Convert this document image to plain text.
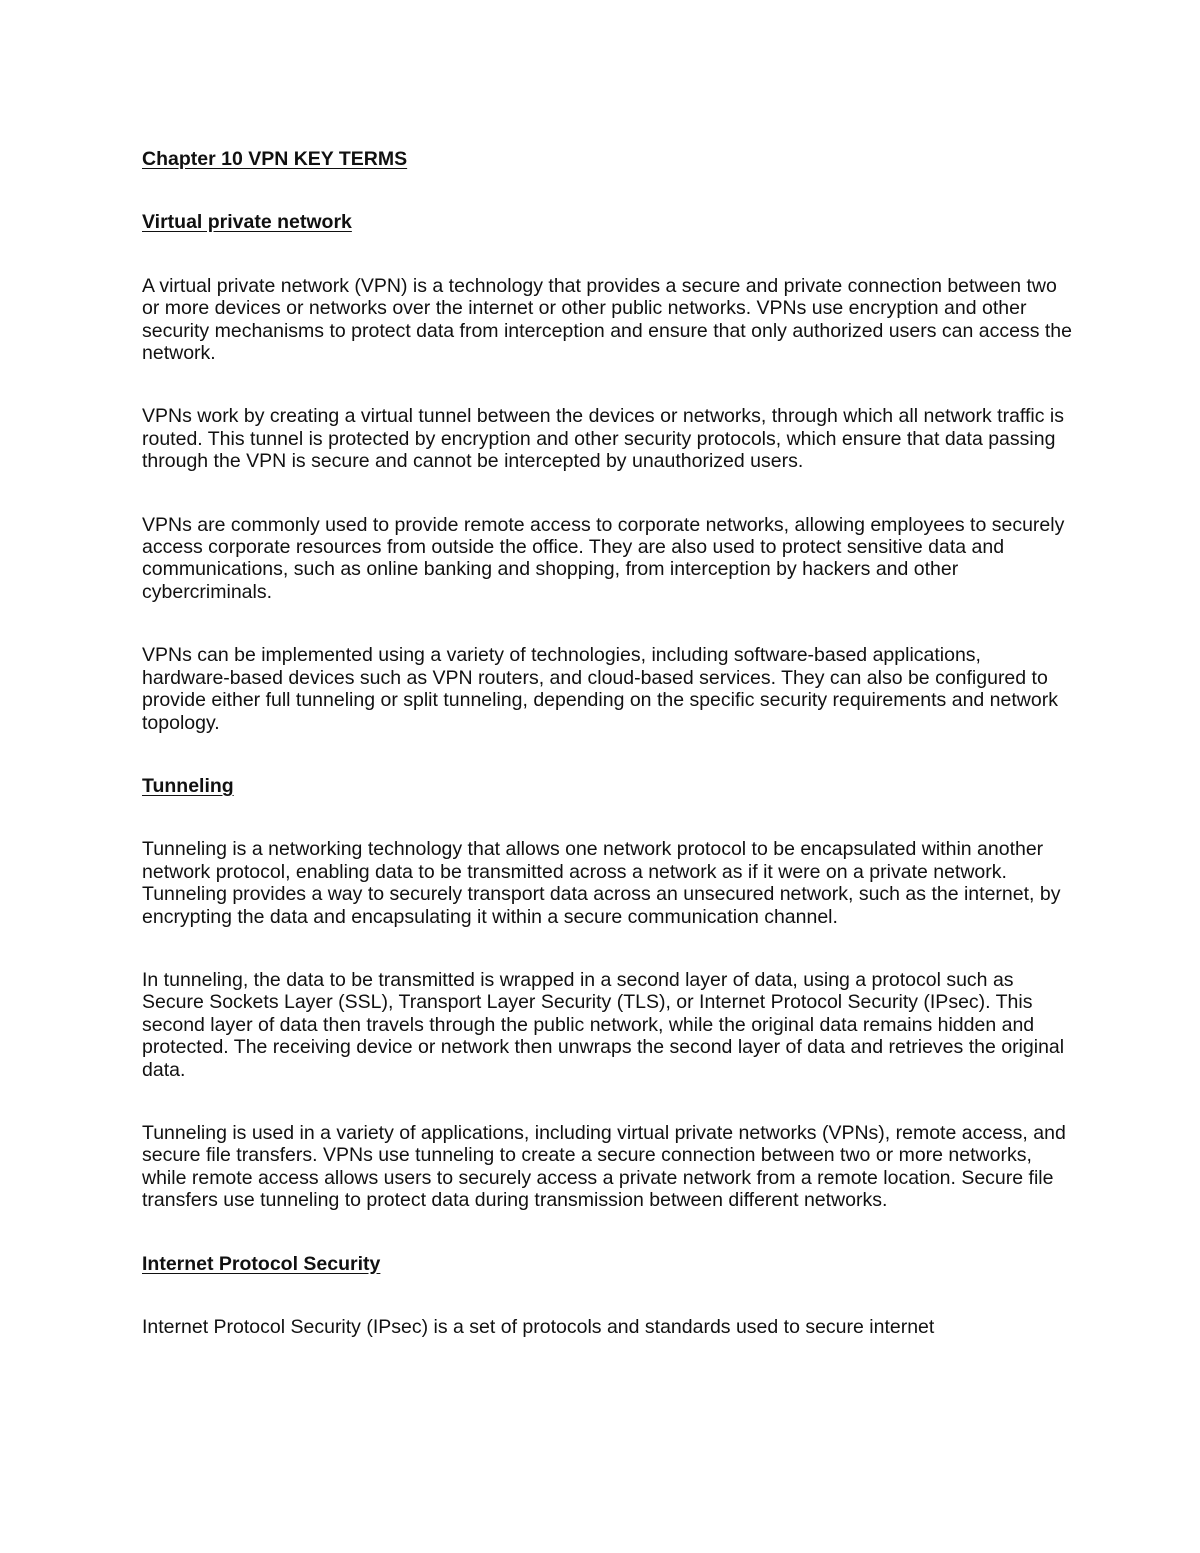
Chapter 10 VPN KEY TERMS

Virtual private network

A virtual private network (VPN) is a technology that provides a secure and private connection between two or more devices or networks over the internet or other public networks. VPNs use encryption and other security mechanisms to protect data from interception and ensure that only authorized users can access the network.

VPNs work by creating a virtual tunnel between the devices or networks, through which all network traffic is routed. This tunnel is protected by encryption and other security protocols, which ensure that data passing through the VPN is secure and cannot be intercepted by unauthorized users.

VPNs are commonly used to provide remote access to corporate networks, allowing employees to securely access corporate resources from outside the office. They are also used to protect sensitive data and communications, such as online banking and shopping, from interception by hackers and other cybercriminals.

VPNs can be implemented using a variety of technologies, including software-based applications, hardware-based devices such as VPN routers, and cloud-based services. They can also be configured to provide either full tunneling or split tunneling, depending on the specific security requirements and network topology.

Tunneling

Tunneling is a networking technology that allows one network protocol to be encapsulated within another network protocol, enabling data to be transmitted across a network as if it were on a private network. Tunneling provides a way to securely transport data across an unsecured network, such as the internet, by encrypting the data and encapsulating it within a secure communication channel.

In tunneling, the data to be transmitted is wrapped in a second layer of data, using a protocol such as Secure Sockets Layer (SSL), Transport Layer Security (TLS), or Internet Protocol Security (IPsec). This second layer of data then travels through the public network, while the original data remains hidden and protected. The receiving device or network then unwraps the second layer of data and retrieves the original data.

Tunneling is used in a variety of applications, including virtual private networks (VPNs), remote access, and secure file transfers. VPNs use tunneling to create a secure connection between two or more networks, while remote access allows users to securely access a private network from a remote location. Secure file transfers use tunneling to protect data during transmission between different networks.

Internet Protocol Security

Internet Protocol Security (IPsec) is a set of protocols and standards used to secure internet
